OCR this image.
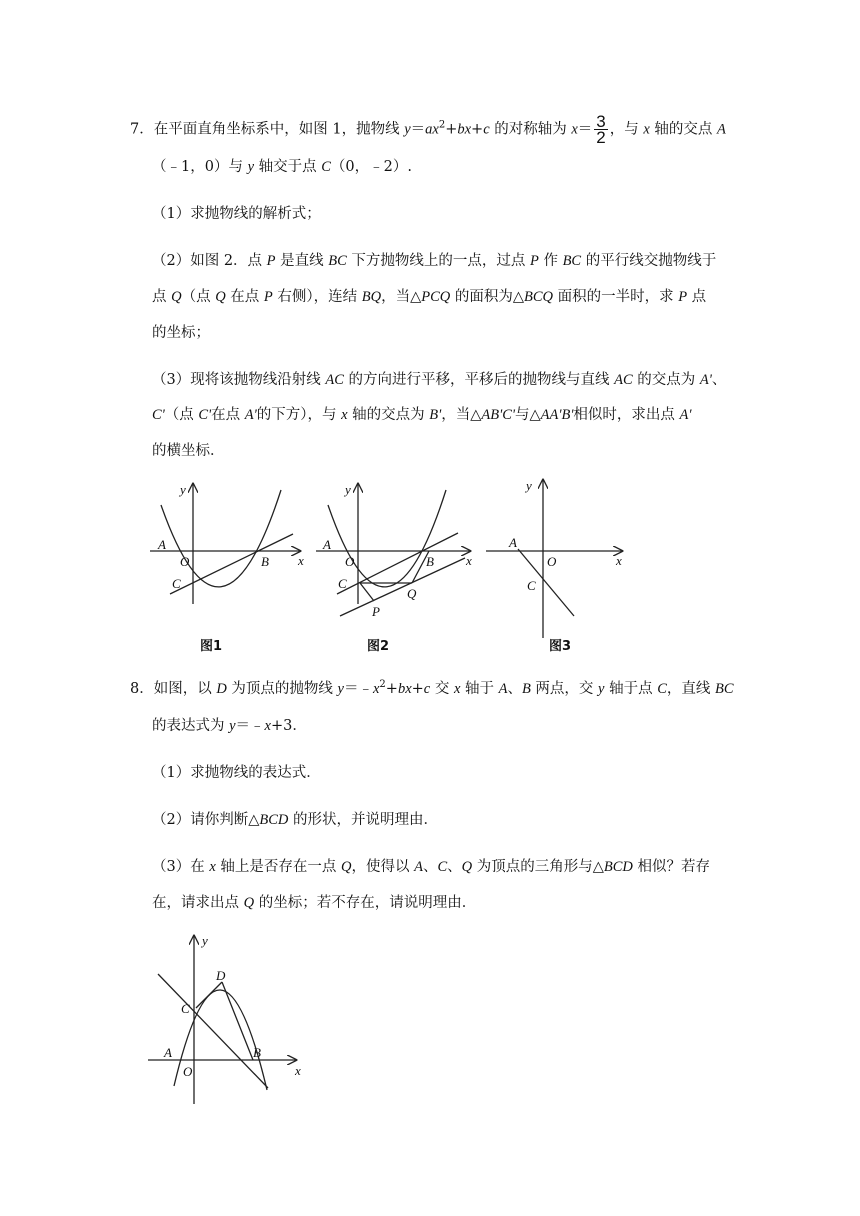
7．在平面直角坐标系中，如图 1，抛物线 $y=ax^2+bx+c$ 的对称轴为 $x= \frac{3}{2}$ ，与 x 轴的交点 A
（﹣1，0）与 y 轴交于点 C（0，﹣2）.
（1）求抛物线的解析式；
（2）如图 2．点 P 是直线 BC 下方抛物线上的一点，过点 P 作 BC 的平行线交抛物线于
点 Q（点 Q 在点 P 右侧），连结 BQ，当△PCQ 的面积为△BCQ 面积的一半时，求 P 点
的坐标；
（3）现将该抛物线沿射线 AC 的方向进行平移，平移后的抛物线与直线 AC 的交点为 A'、
C'（点 C'在点 A'的下方），与 x 轴的交点为 B'，当△AB'C'与△AA'B'相似时，求出点 A′
的横坐标．
y
x
A
O	B
C
图1
y
x
A
O	B
C
P
Q
图2
y
x
A
O
C
图3
8．如图，以 D 为顶点的抛物线 $y=﹣x^2+bx+c$ 交 x 轴于 A、B 两点，交 y 轴于点 C，直线 BC
的表达式为 y＝﹣x+3．
（1）求抛物线的表达式．
（2）请你判断△BCD 的形状，并说明理由．
（3）在 x 轴上是否存在一点 Q，使得以 A、C、Q 为顶点的三角形与△BCD 相似？若存
在，请求出点 Q 的坐标；若不存在，请说明理由．
y
x
A
O
B
C
D
